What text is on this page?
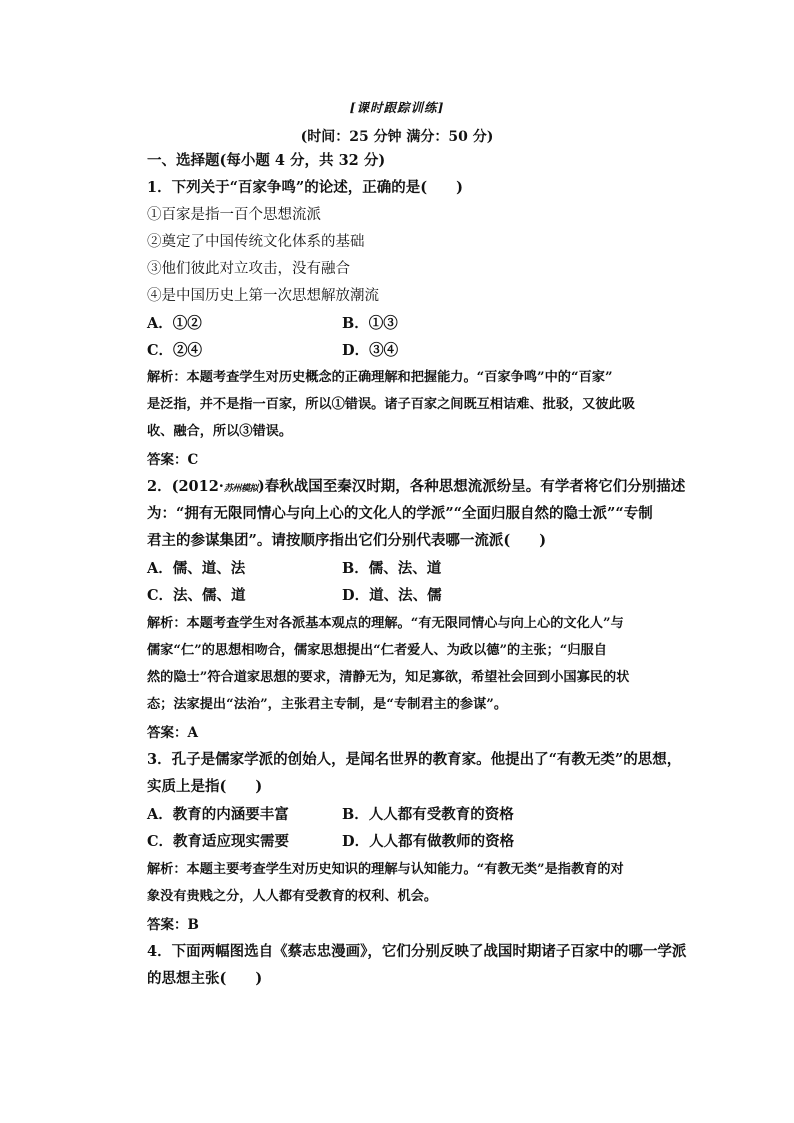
[课时跟踪训练]
(时间：25 分钟 满分：50 分)
一、选择题(每小题 4 分，共 32 分)
1．下列关于“百家争鸣”的论述，正确的是(　　)
①百家是指一百个思想流派
②奠定了中国传统文化体系的基础
③他们彼此对立攻击，没有融合
④是中国历史上第一次思想解放潮流
A．①②	B．①③
C．②④	D．③④
解析：本题考查学生对历史概念的正确理解和把握能力。“百家争鸣”中的“百家”
是泛指，并不是指一百家，所以①错误。诸子百家之间既互相诘难、批驳，又彼此吸
收、融合，所以③错误。
答案：C
2．(2012·苏州模拟)春秋战国至秦汉时期，各种思想流派纷呈。有学者将它们分别描述
为：“拥有无限同情心与向上心的文化人的学派”“全面归服自然的隐士派”“专制
君主的参谋集团”。请按顺序指出它们分别代表哪一流派(　　)
A．儒、道、法	B．儒、法、道
C．法、儒、道	D．道、法、儒
解析：本题考查学生对各派基本观点的理解。“有无限同情心与向上心的文化人”与
儒家“仁”的思想相吻合，儒家思想提出“仁者爱人、为政以德”的主张；“归服自
然的隐士”符合道家思想的要求，清静无为，知足寡欲，希望社会回到小国寡民的状
态；法家提出“法治”，主张君主专制，是“专制君主的参谋”。
答案：A
3．孔子是儒家学派的创始人，是闻名世界的教育家。他提出了“有教无类”的思想，
实质上是指(　　)
A．教育的内涵要丰富	B．人人都有受教育的资格
C．教育适应现实需要	D．人人都有做教师的资格
解析：本题主要考查学生对历史知识的理解与认知能力。“有教无类”是指教育的对
象没有贵贱之分，人人都有受教育的权利、机会。
答案：B
4．下面两幅图选自《蔡志忠漫画》，它们分别反映了战国时期诸子百家中的哪一学派
的思想主张(　　)
